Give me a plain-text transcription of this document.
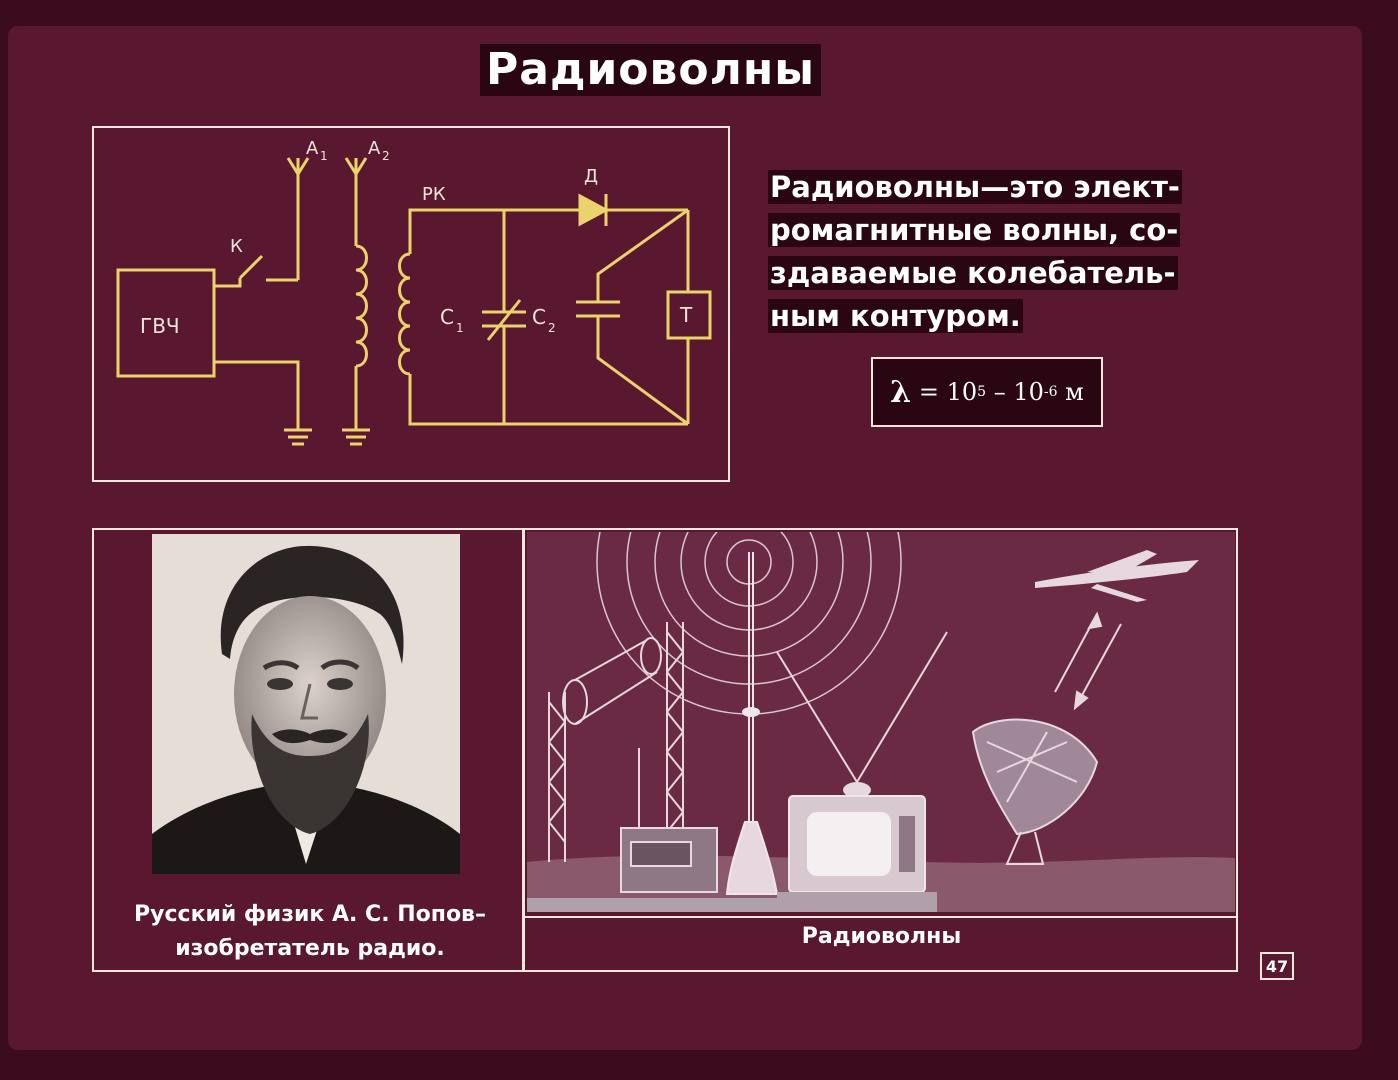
Радиоволны
ГВЧ
К
А 1 А 2
РК
Д
С 1	С 2
Т
Радиоволны—это элект-
ромагнитные волны, со-
здаваемые колебатель-
ным контуром.
λ
=
10 5
–
10 -6
м
Русский физик А. С. Попов–
изобретатель радио.	Радиоволны
47
